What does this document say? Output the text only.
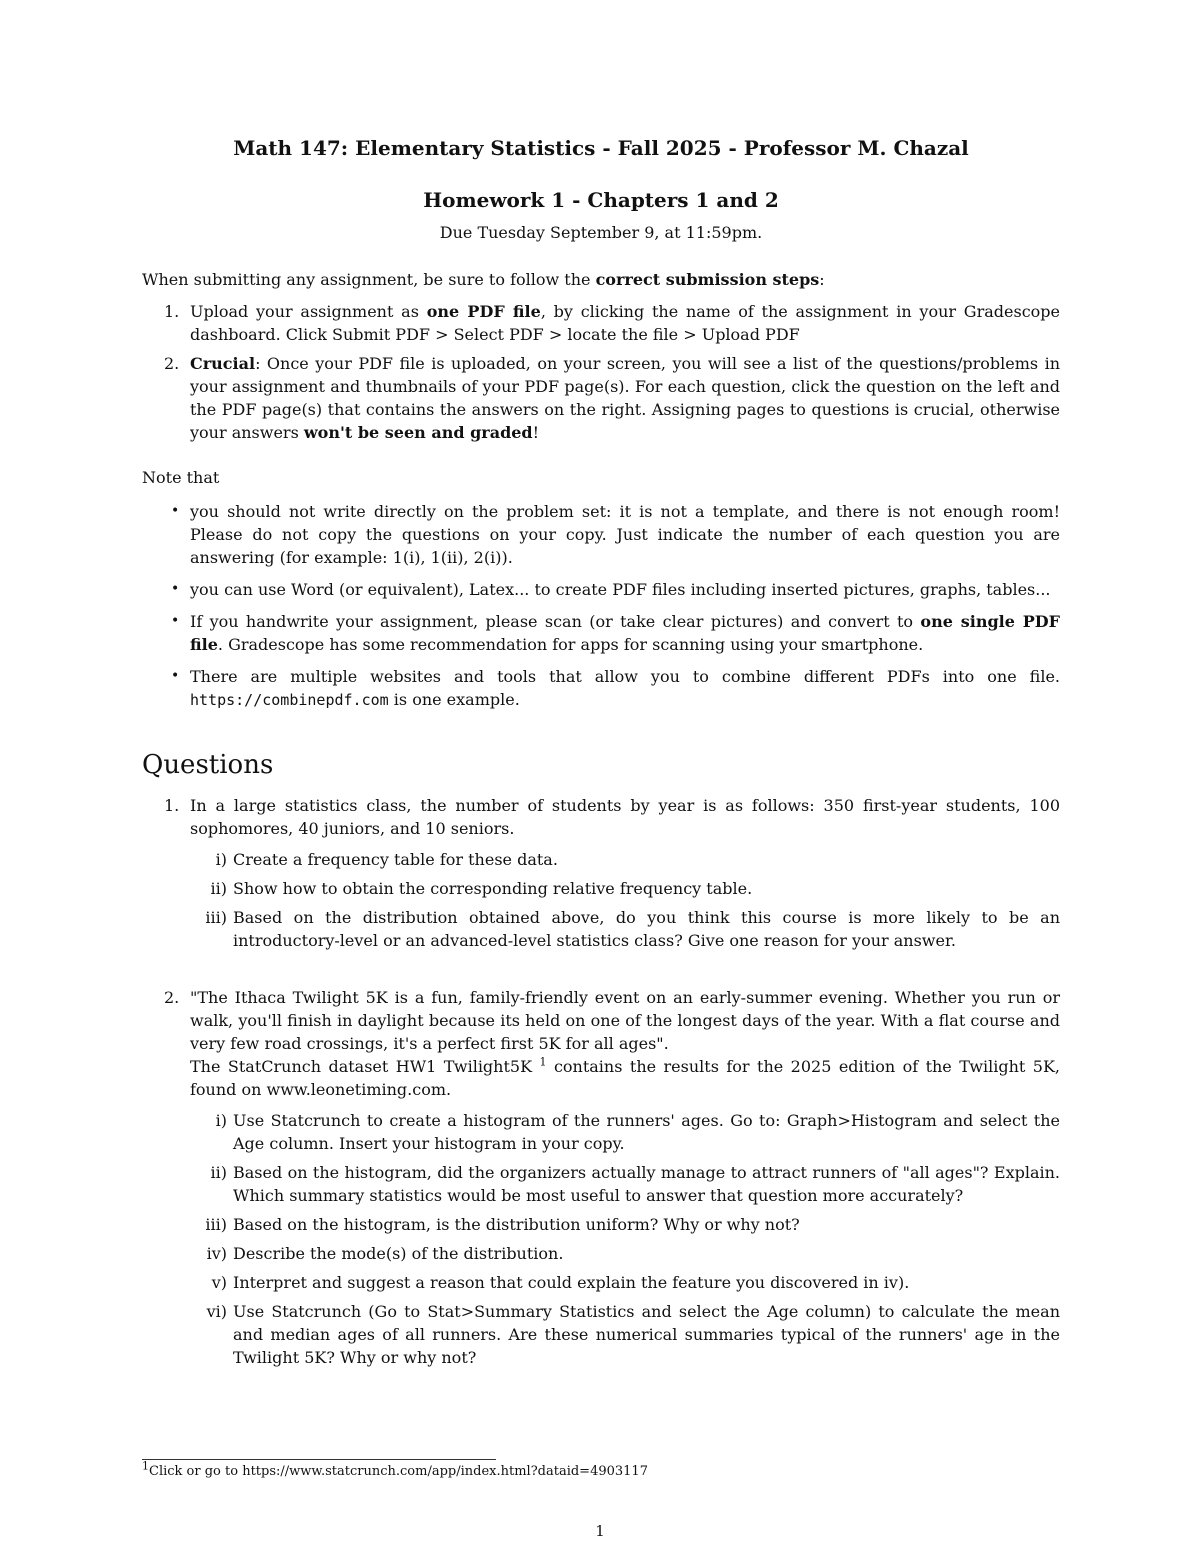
Math 147: Elementary Statistics - Fall 2025 - Professor M. Chazal

Homework 1 - Chapters 1 and 2

Due Tuesday September 9, at 11:59pm.

When submitting any assignment, be sure to follow the correct submission steps:

1. Upload your assignment as one PDF file, by clicking the name of the assignment in your Gradescope dashboard. Click Submit PDF > Select PDF > locate the file > Upload PDF
2. Crucial: Once your PDF file is uploaded, on your screen, you will see a list of the questions/problems in your assignment and thumbnails of your PDF page(s). For each question, click the question on the left and the PDF page(s) that contains the answers on the right. Assigning pages to questions is crucial, otherwise your answers won't be seen and graded!

Note that

• you should not write directly on the problem set: it is not a template, and there is not enough room! Please do not copy the questions on your copy. Just indicate the number of each question you are answering (for example: 1(i), 1(ii), 2(i)).
• you can use Word (or equivalent), Latex... to create PDF files including inserted pictures, graphs, tables...
• If you handwrite your assignment, please scan (or take clear pictures) and convert to one single PDF file. Gradescope has some recommendation for apps for scanning using your smartphone.
• There are multiple websites and tools that allow you to combine different PDFs into one file. https://combinepdf.com is one example.
Questions
1. In a large statistics class, the number of students by year is as follows: 350 first-year students, 100 sophomores, 40 juniors, and 10 seniors.
i) Create a frequency table for these data.
ii) Show how to obtain the corresponding relative frequency table.
iii) Based on the distribution obtained above, do you think this course is more likely to be an introductory-level or an advanced-level statistics class? Give one reason for your answer.
2. "The Ithaca Twilight 5K is a fun, family-friendly event on an early-summer evening. Whether you run or walk, you'll finish in daylight because its held on one of the longest days of the year. With a flat course and very few road crossings, it's a perfect first 5K for all ages".
The StatCrunch dataset HW1 Twilight5K $^1$ contains the results for the 2025 edition of the Twilight 5K, found on www.leonetiming.com.
i) Use Statcrunch to create a histogram of the runners' ages. Go to: Graph>Histogram and select the Age column. Insert your histogram in your copy.
ii) Based on the histogram, did the organizers actually manage to attract runners of "all ages"? Explain. Which summary statistics would be most useful to answer that question more accurately?
iii) Based on the histogram, is the distribution uniform? Why or why not?
iv) Describe the mode(s) of the distribution.
v) Interpret and suggest a reason that could explain the feature you discovered in iv).
vi) Use Statcrunch (Go to Stat>Summary Statistics and select the Age column) to calculate the mean and median ages of all runners. Are these numerical summaries typical of the runners' age in the Twilight 5K? Why or why not?
$^1$Click or go to https://www.statcrunch.com/app/index.html?dataid=4903117
1
